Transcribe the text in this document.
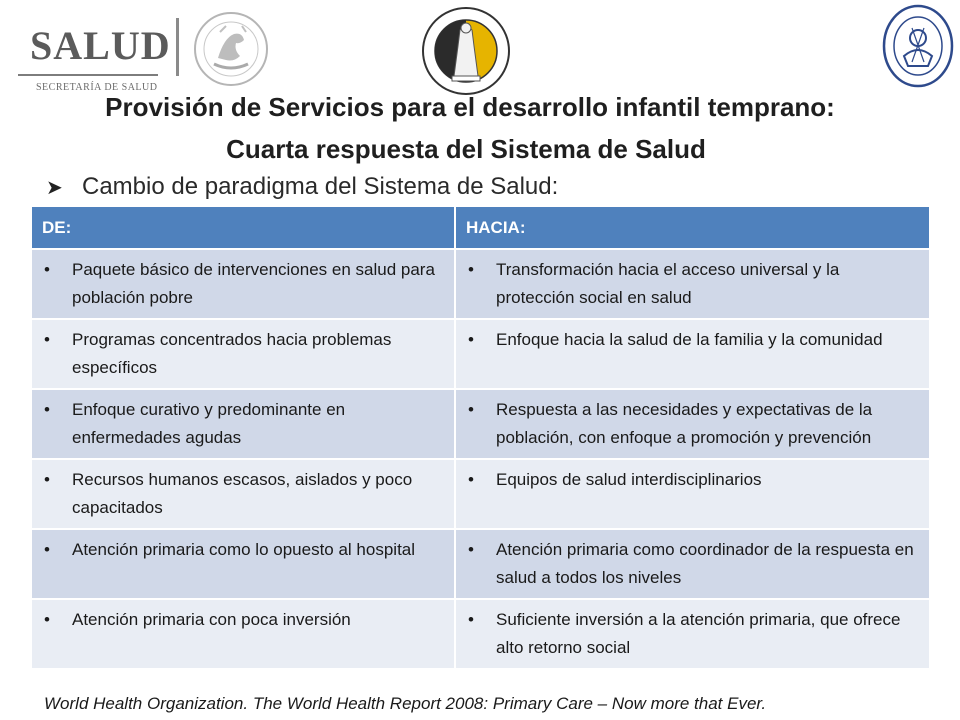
SALUD
SECRETARÍA DE SALUD
Provisión de Servicios para el desarrollo infantil temprano:
Cuarta respuesta del Sistema de Salud
➤ Cambio de paradigma del Sistema de Salud:
DE:	HACIA:

• Paquete básico de intervenciones en salud para población pobre	• Transformación hacia el acceso universal y la protección social en salud

• Programas concentrados hacia problemas específicos	• Enfoque hacia la salud de la familia y la comunidad

• Enfoque curativo y predominante en enfermedades agudas	• Respuesta a las necesidades y expectativas de la población, con enfoque a promoción y prevención

• Recursos humanos escasos, aislados y poco capacitados	• Equipos de salud interdisciplinarios

• Atención primaria como lo opuesto al hospital	• Atención primaria como coordinador de la respuesta en salud a todos los niveles

• Atención primaria con poca inversión	• Suficiente inversión a la atención primaria, que ofrece alto retorno social
World Health Organization. The World Health Report 2008: Primary Care – Now more that Ever.
